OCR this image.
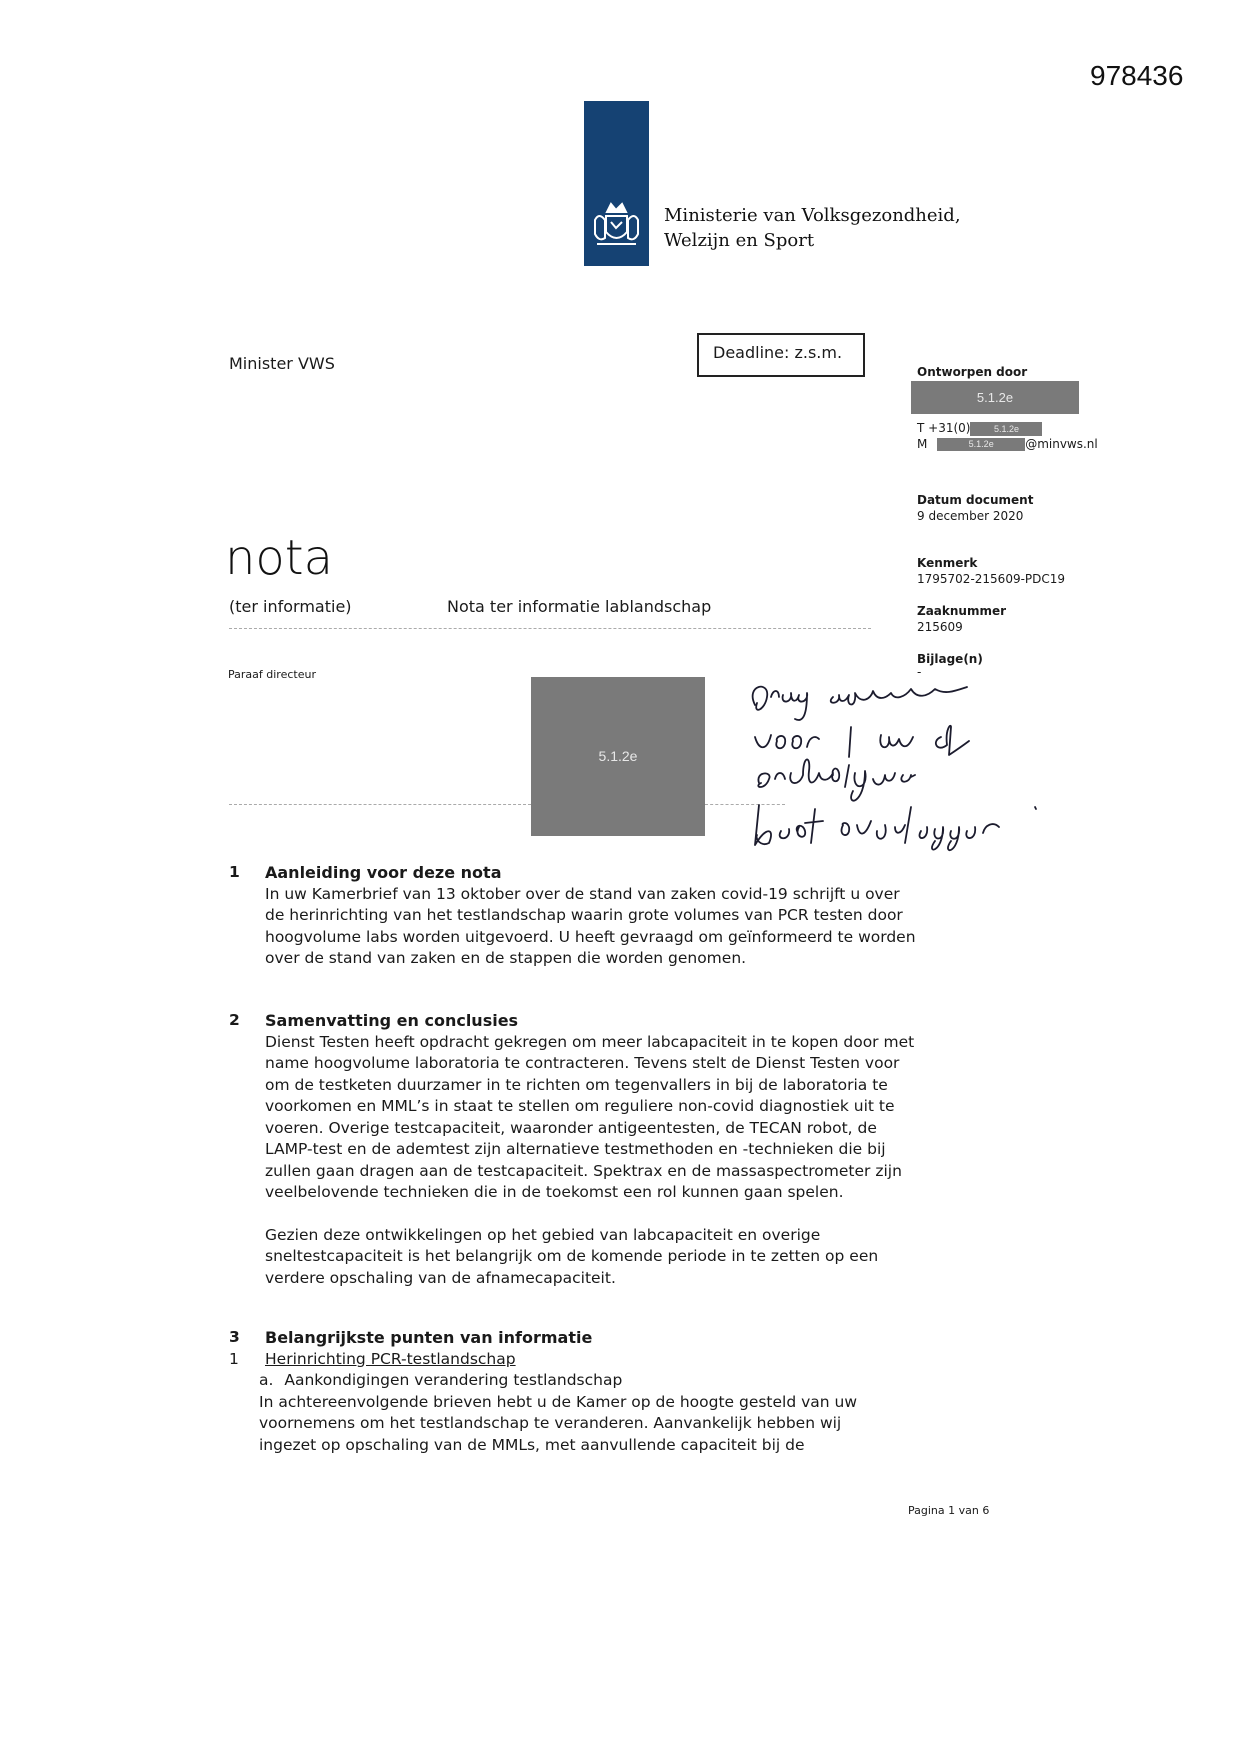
978436
Ministerie van Volksgezondheid,
Welzijn en Sport
Minister VWS
Deadline: z.s.m.
Ontworpen door
5.1.2e
T +31(0)	5.1.2e
M	5.1.2e	@minvws.nl
Datum document
9 december 2020
Kenmerk
1795702-215609-PDC19
Zaaknummer
215609
Bijlage(n)
-
nota
(ter informatie)	Nota ter informatie lablandschap
Paraaf directeur
5.1.2e
1	Aanleiding voor deze nota
In uw Kamerbrief van 13 oktober over de stand van zaken covid-19 schrijft u over de herinrichting van het testlandschap waarin grote volumes van PCR testen door hoogvolume labs worden uitgevoerd. U heeft gevraagd om geïnformeerd te worden over de stand van zaken en de stappen die worden genomen.
2	Samenvatting en conclusies
Dienst Testen heeft opdracht gekregen om meer labcapaciteit in te kopen door met name hoogvolume laboratoria te contracteren. Tevens stelt de Dienst Testen voor om de testketen duurzamer in te richten om tegenvallers in bij de laboratoria te voorkomen en MML’s in staat te stellen om reguliere non-covid diagnostiek uit te voeren. Overige testcapaciteit, waaronder antigeentesten, de TECAN robot, de LAMP-test en de ademtest zijn alternatieve testmethoden en -technieken die bij zullen gaan dragen aan de testcapaciteit. Spektrax en de massaspectrometer zijn veelbelovende technieken die in de toekomst een rol kunnen gaan spelen.
Gezien deze ontwikkelingen op het gebied van labcapaciteit en overige sneltestcapaciteit is het belangrijk om de komende periode in te zetten op een verdere opschaling van de afnamecapaciteit.
3	Belangrijkste punten van informatie
1	Herinrichting PCR-testlandschap
a. Aankondigingen verandering testlandschap
In achtereenvolgende brieven hebt u de Kamer op de hoogte gesteld van uw voornemens om het testlandschap te veranderen. Aanvankelijk hebben wij ingezet op opschaling van de MMLs, met aanvullende capaciteit bij de
Pagina 1 van 6
